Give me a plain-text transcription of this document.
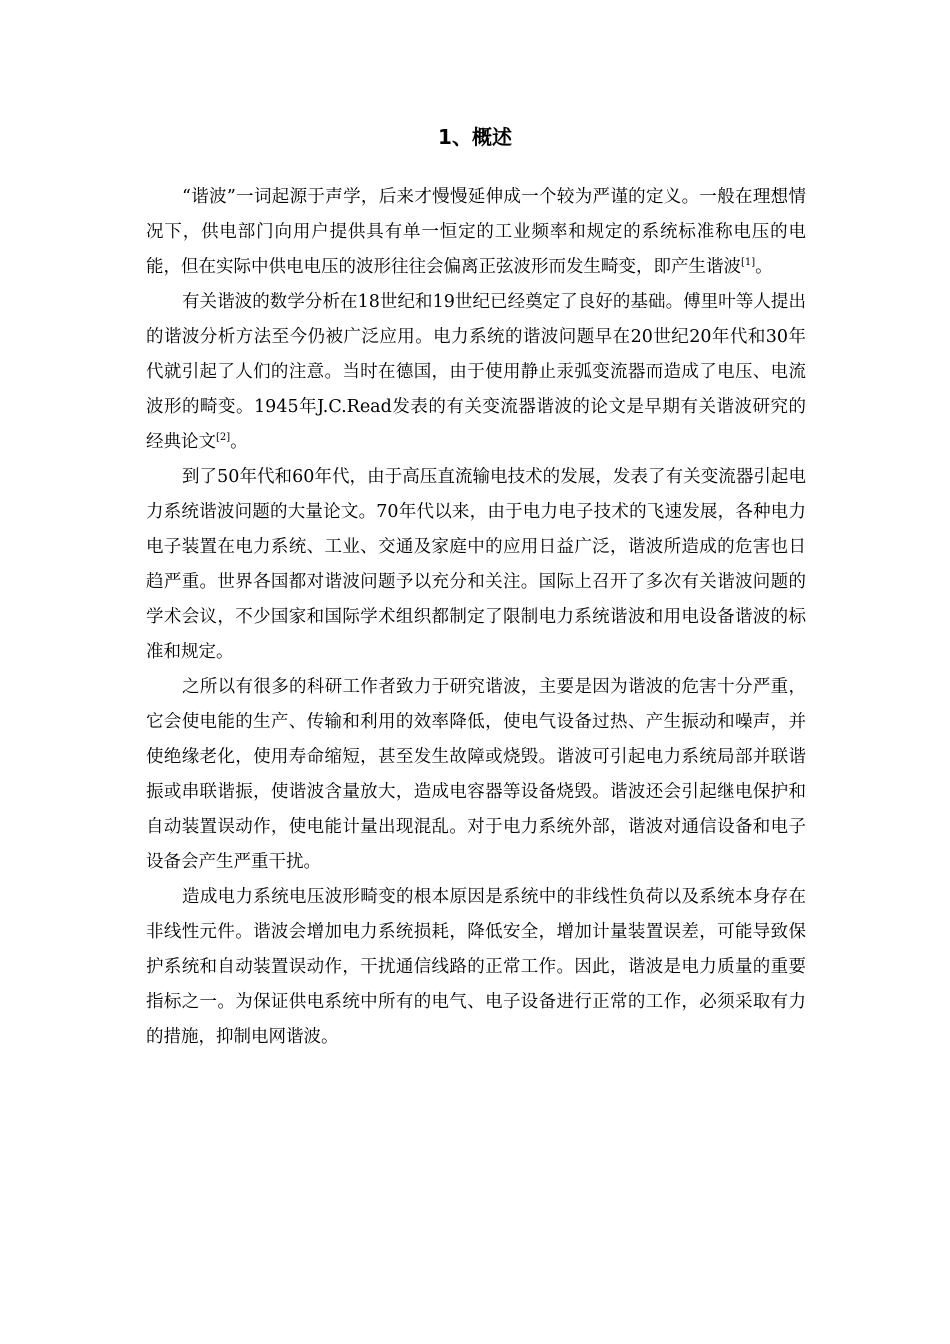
1、概述

“谐波”一词起源于声学，后来才慢慢延伸成一个较为严谨的定义。一般在理想情况下，供电部门向用户提供具有单一恒定的工业频率和规定的系统标准称电压的电能，但在实际中供电电压的波形往往会偏离正弦波形而发生畸变，即产生谐波[1]。

有关谐波的数学分析在18世纪和19世纪已经奠定了良好的基础。傅里叶等人提出的谐波分析方法至今仍被广泛应用。电力系统的谐波问题早在20世纪20年代和30年代就引起了人们的注意。当时在德国，由于使用静止汞弧变流器而造成了电压、电流波形的畸变。1945年J.C.Read发表的有关变流器谐波的论文是早期有关谐波研究的经典论文[2]。

到了50年代和60年代，由于高压直流输电技术的发展，发表了有关变流器引起电力系统谐波问题的大量论文。70年代以来，由于电力电子技术的飞速发展，各种电力电子装置在电力系统、工业、交通及家庭中的应用日益广泛，谐波所造成的危害也日趋严重。世界各国都对谐波问题予以充分和关注。国际上召开了多次有关谐波问题的学术会议，不少国家和国际学术组织都制定了限制电力系统谐波和用电设备谐波的标准和规定。

之所以有很多的科研工作者致力于研究谐波，主要是因为谐波的危害十分严重，它会使电能的生产、传输和利用的效率降低，使电气设备过热、产生振动和噪声，并使绝缘老化，使用寿命缩短，甚至发生故障或烧毁。谐波可引起电力系统局部并联谐振或串联谐振，使谐波含量放大，造成电容器等设备烧毁。谐波还会引起继电保护和自动装置误动作，使电能计量出现混乱。对于电力系统外部，谐波对通信设备和电子设备会产生严重干扰。

造成电力系统电压波形畸变的根本原因是系统中的非线性负荷以及系统本身存在非线性元件。谐波会增加电力系统损耗，降低安全，增加计量装置误差，可能导致保护系统和自动装置误动作，干扰通信线路的正常工作。因此，谐波是电力质量的重要指标之一。为保证供电系统中所有的电气、电子设备进行正常的工作，必须采取有力的措施，抑制电网谐波。
